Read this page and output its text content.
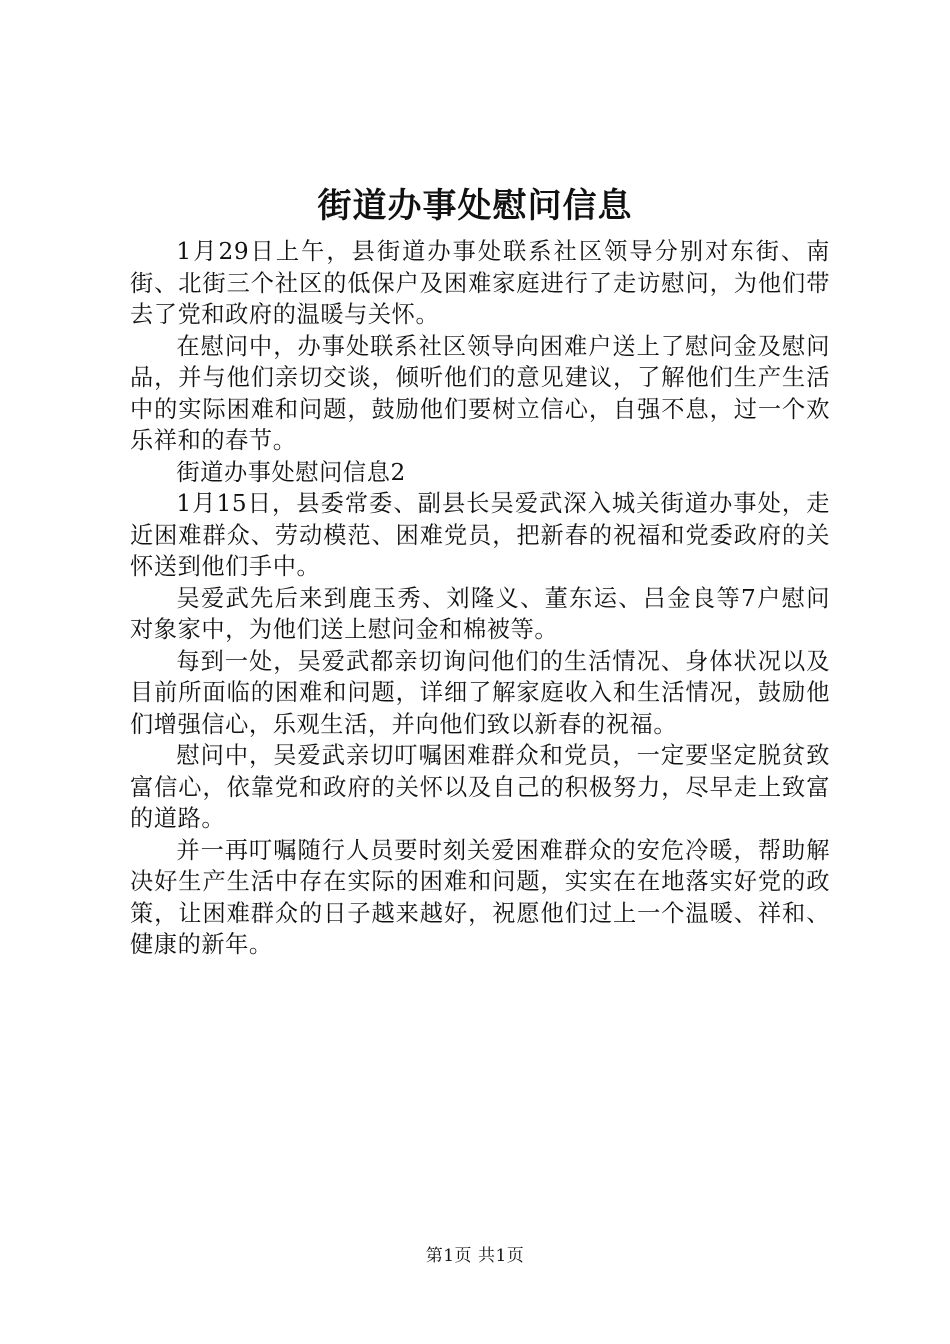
街道办事处慰问信息

1月29日上午，县街道办事处联系社区领导分别对东街、南街、北街三个社区的低保户及困难家庭进行了走访慰问，为他们带去了党和政府的温暖与关怀。

在慰问中，办事处联系社区领导向困难户送上了慰问金及慰问品，并与他们亲切交谈，倾听他们的意见建议，了解他们生产生活中的实际困难和问题，鼓励他们要树立信心，自强不息，过一个欢乐祥和的春节。

街道办事处慰问信息2

1月15日，县委常委、副县长吴爱武深入城关街道办事处，走近困难群众、劳动模范、困难党员，把新春的祝福和党委政府的关怀送到他们手中。

吴爱武先后来到鹿玉秀、刘隆义、董东运、吕金良等7户慰问对象家中，为他们送上慰问金和棉被等。

每到一处，吴爱武都亲切询问他们的生活情况、身体状况以及目前所面临的困难和问题，详细了解家庭收入和生活情况，鼓励他们增强信心，乐观生活，并向他们致以新春的祝福。

慰问中，吴爱武亲切叮嘱困难群众和党员，一定要坚定脱贫致富信心，依靠党和政府的关怀以及自己的积极努力，尽早走上致富的道路。

并一再叮嘱随行人员要时刻关爱困难群众的安危冷暖，帮助解决好生产生活中存在实际的困难和问题，实实在在地落实好党的政策，让困难群众的日子越来越好，祝愿他们过上一个温暖、祥和、健康的新年。

第1页 共1页
